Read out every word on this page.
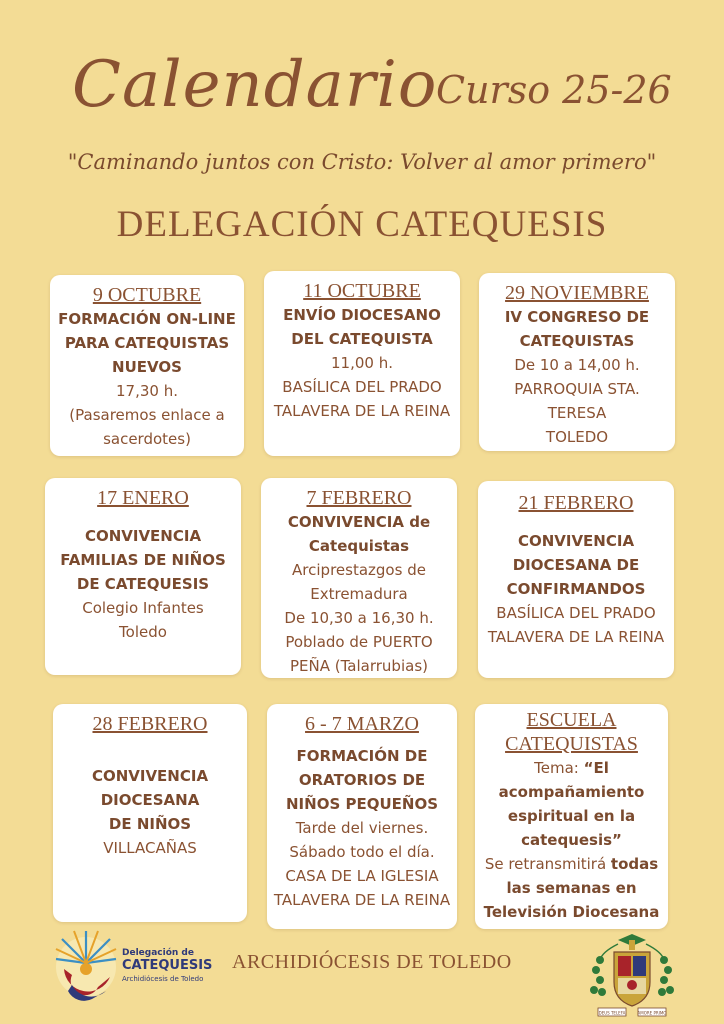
Calendario
Curso 25-26
"Caminando juntos con Cristo: Volver al amor primero"
DELEGACIÓN CATEQUESIS
9 OCTUBRE
FORMACIÓN ON-LINE
PARA CATEQUISTAS
NUEVOS
17,30 h.
(Pasaremos enlace a
sacerdotes)
11 OCTUBRE
ENVÍO DIOCESANO
DEL CATEQUISTA
11,00 h.
BASÍLICA DEL PRADO
TALAVERA DE LA REINA
29 NOVIEMBRE
IV CONGRESO DE
CATEQUISTAS
De 10 a 14,00 h.
PARROQUIA STA.
TERESA
TOLEDO
17 ENERO
CONVIVENCIA
FAMILIAS DE NIÑOS
DE CATEQUESIS
Colegio Infantes
Toledo
7 FEBRERO
CONVIVENCIA de
Catequistas
Arciprestazgos de
Extremadura
De 10,30 a 16,30 h.
Poblado de PUERTO
PEÑA (Talarrubias)
21 FEBRERO
CONVIVENCIA
DIOCESANA DE
CONFIRMANDOS
BASÍLICA DEL PRADO
TALAVERA DE LA REINA
28 FEBRERO
CONVIVENCIA
DIOCESANA
DE NIÑOS
VILLACAÑAS
6 - 7 MARZO
FORMACIÓN DE
ORATORIOS DE
NIÑOS PEQUEÑOS
Tarde del viernes.
Sábado todo el día.
CASA DE LA IGLESIA
TALAVERA DE LA REINA
ESCUELA
CATEQUISTAS
Tema: “El
acompañamiento
espiritual en la
catequesis”
Se retransmitirá todas
las semanas en
Televisión Diocesana
Delegación de
CATEQUESIS
Archidiócesis de Toledo
ARCHIDIÓCESIS DE TOLEDO
DEUS TELEFA	AMORE PRIMO
